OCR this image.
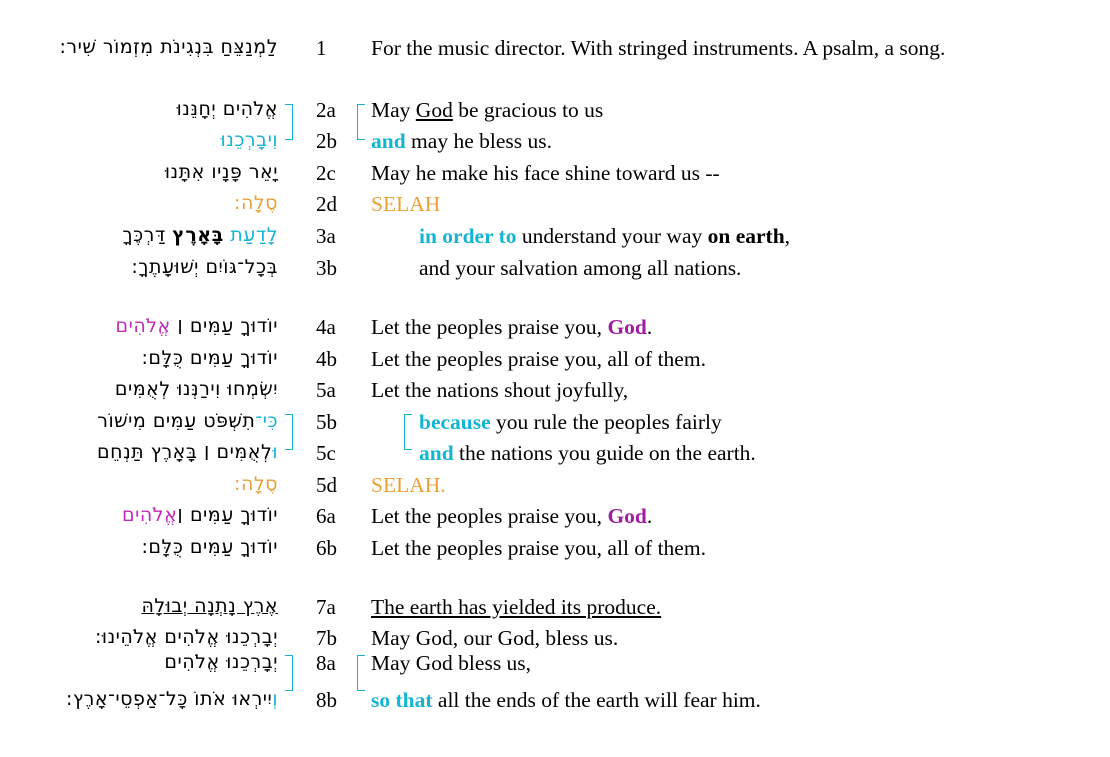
לַמְנַצֵּחַ בִּנְגִינֹת מִזְמוֹר שִׁיר: 1	For the music director. With stringed instruments. A psalm, a song.
אֱלֹהִים יְחָנֵּנוּ 2a	May God be gracious to us
וִיבָרְכֵנוּ 2b	and may he bless us.
יָאֵר פָּנָיו אִתָּנוּ 2c	May he make his face shine toward us --
סֶלָה: 2d	SELAH
לָדַעַת בָּאָרֶץ דַּרְכֶּךָ	3a	in order to understand your way on earth,
בְּכָל־גּוֹיִם יְשׁוּעָתֶךָ: 3b	and your salvation among all nations.
יוֹדוּךָ עַמִּים ׀ אֱלֹהִים	4a	Let the peoples praise you, God.
יוֹדוּךָ עַמִּים כֻּלָּם: 4b	Let the peoples praise you, all of them.
יִשְׂמְחוּ וִירַנְּנוּ לְאֻמִּים 5a	Let the nations shout joyfully,
כִּי־תִשְׁפֹּט עַמִּים מִישׁוֹר	5b	because you rule the peoples fairly
וּלְאֻמִּים ׀ בָּאָרֶץ תַּנְחֵם 5c	and the nations you guide on the earth.
סֶלָה: 5d	SELAH.
יוֹדוּךָ עַמִּים ׀אֱלֹהִים	6a	Let the peoples praise you, God.
יוֹדוּךָ עַמִּים כֻּלָּם: 6b	Let the peoples praise you, all of them.
אֶרֶץ נָתְנָה יְבוּלָהּ 7a	The earth has yielded its produce.
יְבָרְכֵנוּ אֱלֹהִים אֱלֹהֵינוּ: 7b	May God, our God, bless us.
יְבָרְכֵנוּ אֱלֹהִים 8a	May God bless us,
וְיִירְאוּ אֹתוֹ כָּל־אַפְסֵי־אָרֶץ: 8b	so that all the ends of the earth will fear him.
